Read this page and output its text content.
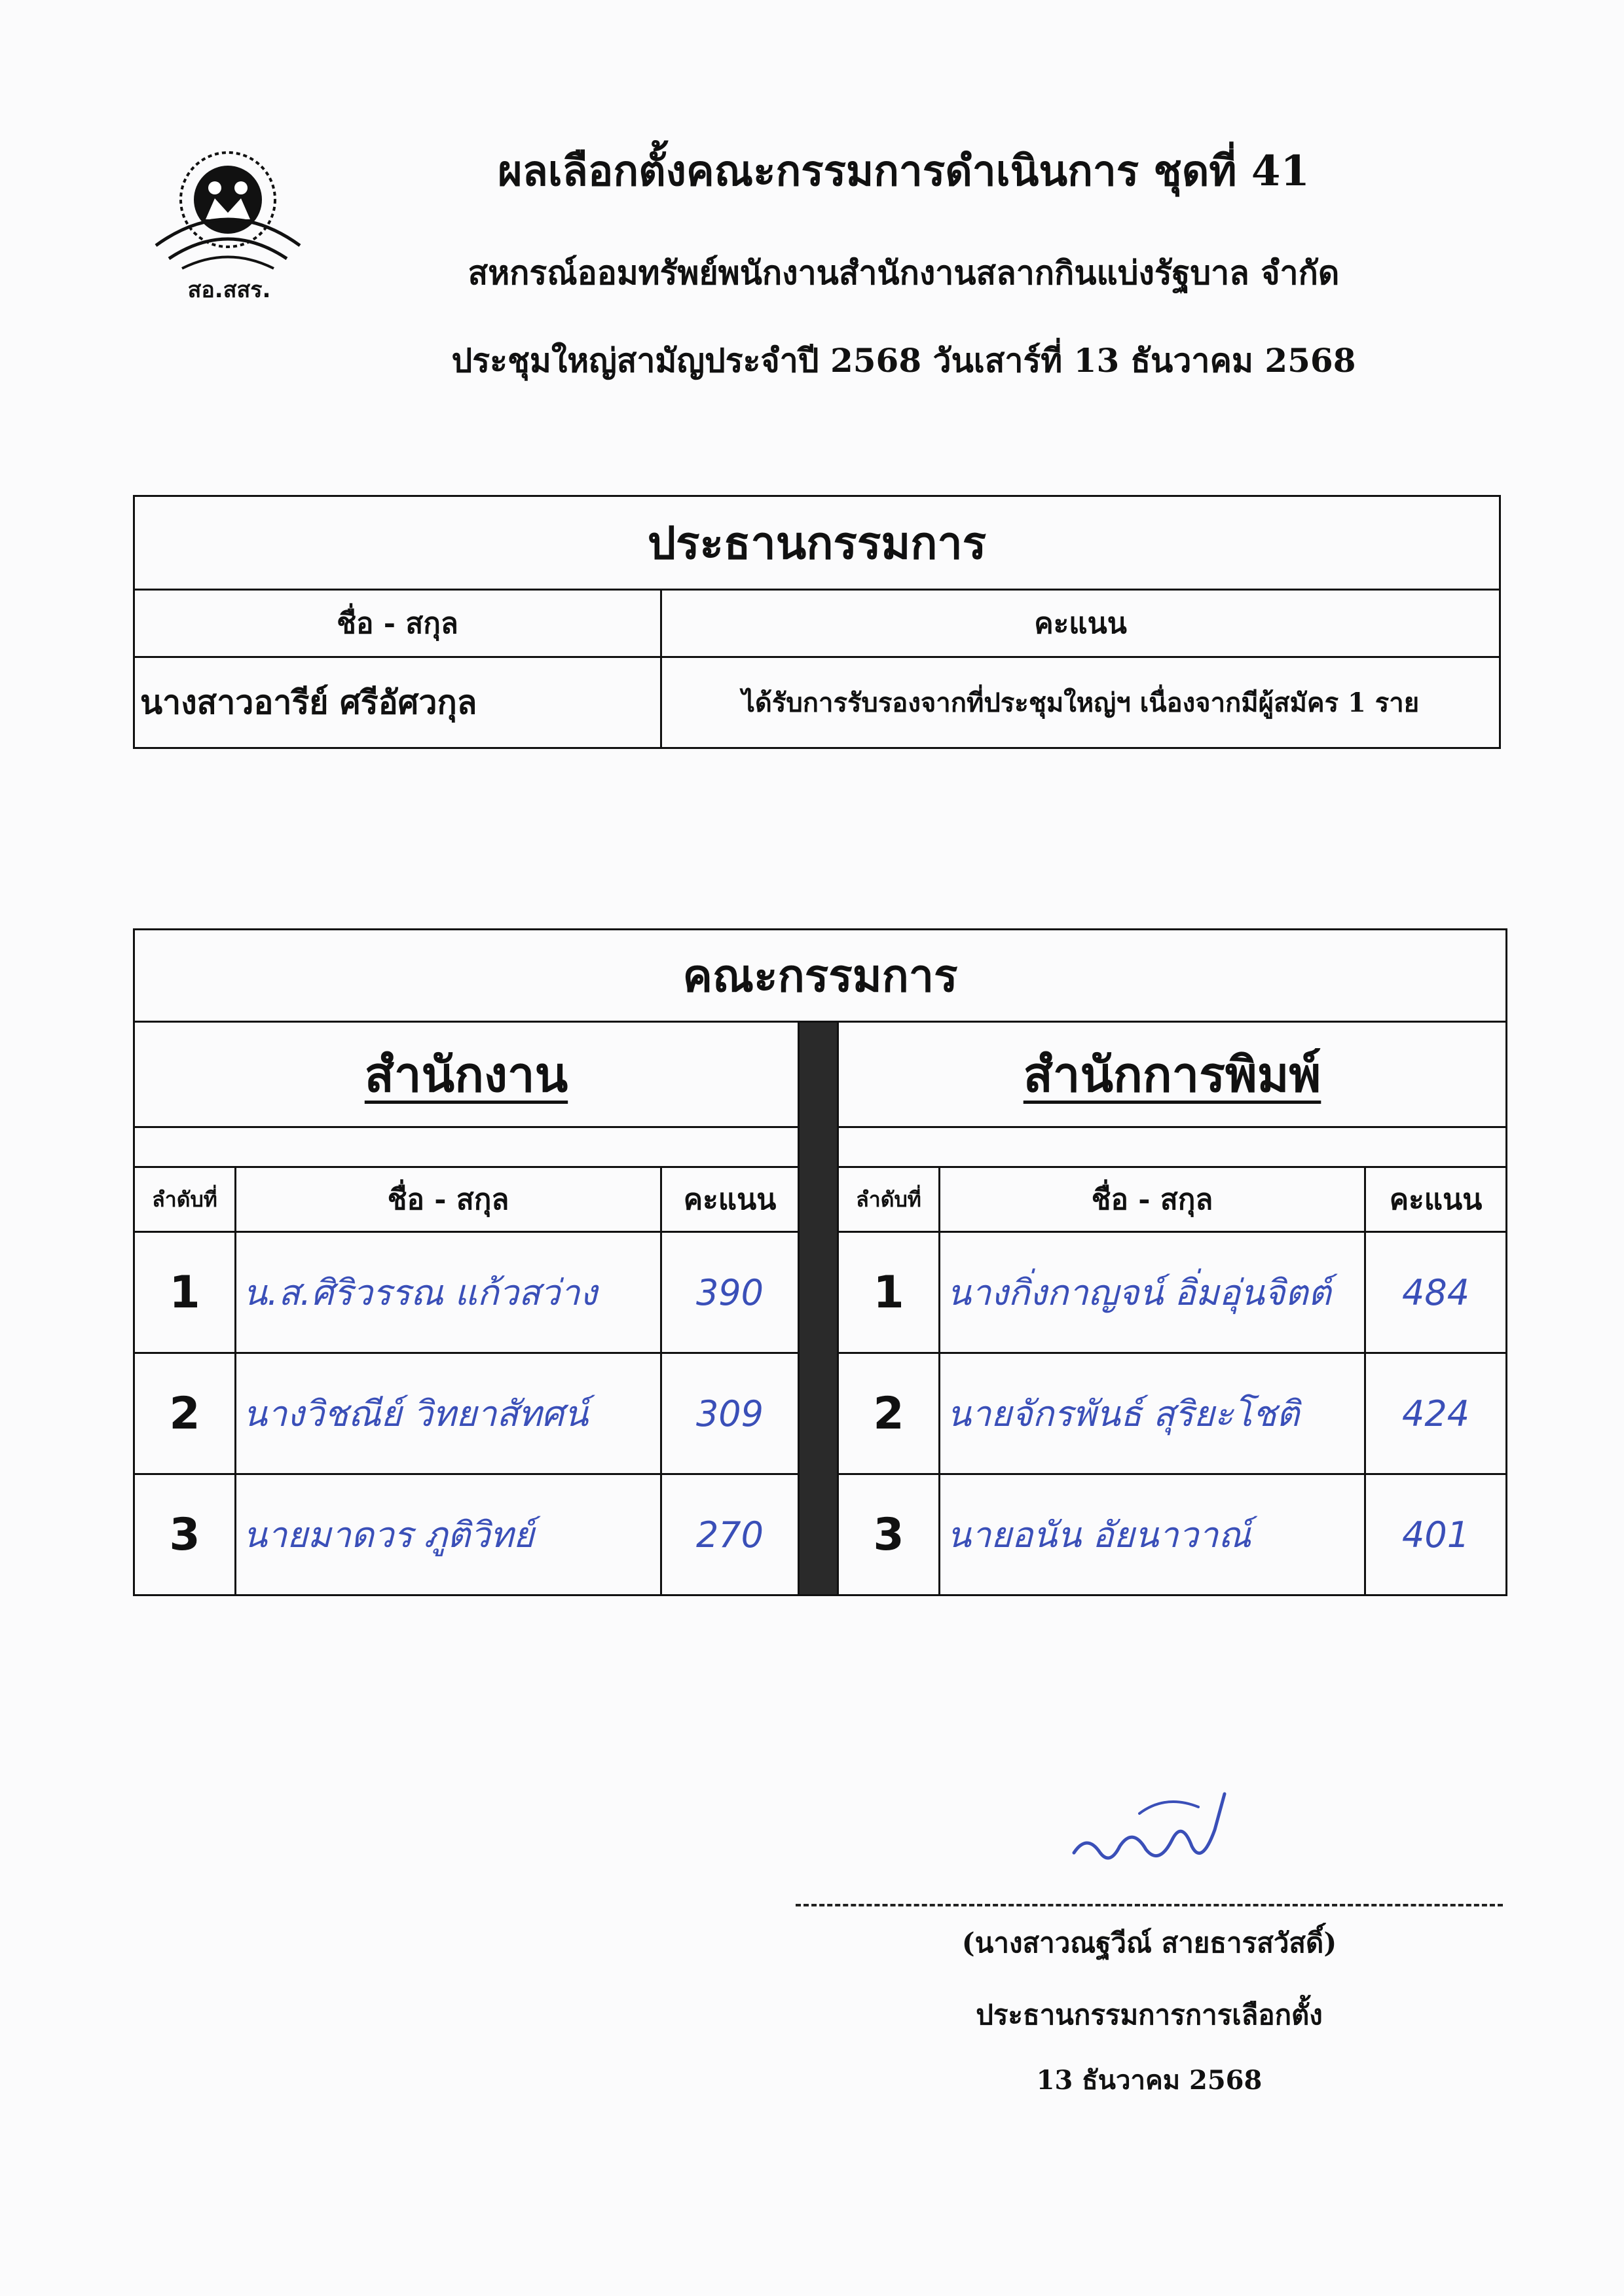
สอ.สสร.
ผลเลือกตั้งคณะกรรมการดำเนินการ ชุดที่ 41
สหกรณ์ออมทรัพย์พนักงานสำนักงานสลากกินแบ่งรัฐบาล จำกัด
ประชุมใหญ่สามัญประจำปี 2568 วันเสาร์ที่ 13 ธันวาคม 2568
ประธานกรรมการ	
ชื่อ - สกุล	คะแนน
นางสาวอารีย์ ศรีอัศวกุล	ได้รับการรับรองจากที่ประชุมใหญ่ฯ เนื่องจากมีผู้สมัคร 1 ราย
คณะกรรมการ						
สำนักงาน				สำนักการพิมพ์		

ลำดับที่	ชื่อ - สกุล	คะแนน		ลำดับที่	ชื่อ - สกุล	คะแนน
1	น.ส.ศิริวรรณ แก้วสว่าง	390		1	นางกิ่งกาญจน์ อิ่มอุ่นจิตต์	484
2	นางวิชณีย์ วิทยาสัทศน์	309		2	นายจักรพันธ์ สุริยะโชติ	424
3	นายมาดวร ภูติวิทย์	270		3	นายอนัน อัยนาวาณ์	401
(นางสาวณฐวีณ์ สายธารสวัสดิ์)
ประธานกรรมการการเลือกตั้ง
13 ธันวาคม 2568
